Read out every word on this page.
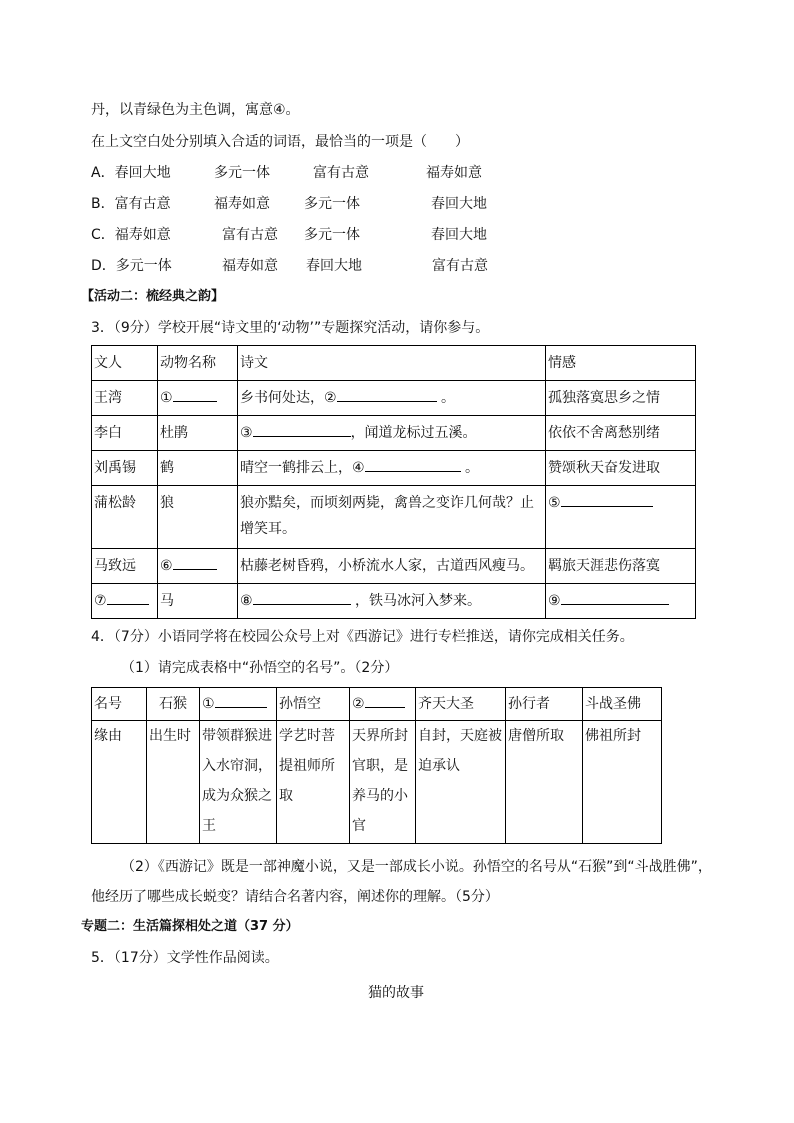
丹，以青绿色为主色调，寓意④。
在上文空白处分别填入合适的词语，最恰当的一项是（　　）
A．春回大地	多元一体	富有古意	福寿如意
B．富有古意	福寿如意 多元一体	春回大地
C．福寿如意	富有古意 多元一体	春回大地
D．多元一体	福寿如意 春回大地	富有古意
【活动二：梳经典之韵】
3．（9分）学校开展“诗文里的‘动物’”专题探究活动，请你参与。
文人	动物名称	诗文	情感
王湾	①	乡书何处达，② 。	孤独落寞思乡之情
李白	杜鹃	③ ，闻道龙标过五溪。	依依不舍离愁别绪
刘禹锡	鹤	晴空一鹤排云上，④ 。	赞颂秋天奋发进取
蒲松龄	狼	狼亦黠矣，而顷刻两毙，禽兽之变诈几何哉？止增笑耳。	⑤
马致远	⑥	枯藤老树昏鸦，小桥流水人家，古道西风瘦马。	羁旅天涯悲伤落寞
⑦	马	⑧ ，铁马冰河入梦来。	⑨
4．（7分）小语同学将在校园公众号上对《西游记》进行专栏推送，请你完成相关任务。
（1）请完成表格中“孙悟空的名号”。（2分）
名号	石猴	①	孙悟空	②	齐天大圣	孙行者	斗战圣佛
缘由	出生时	带领群猴进入水帘洞，成为众猴之王	学艺时菩提祖师所取	天界所封官职，是养马的小官	自封，天庭被迫承认	唐僧所取	佛祖所封
（2）《西游记》既是一部神魔小说，又是一部成长小说。孙悟空的名号从“石猴”到“斗战胜佛”，
他经历了哪些成长蜕变？请结合名著内容，阐述你的理解。（5分）
专题二：生活篇探相处之道（37 分）
5．（17分）文学性作品阅读。
猫的故事
